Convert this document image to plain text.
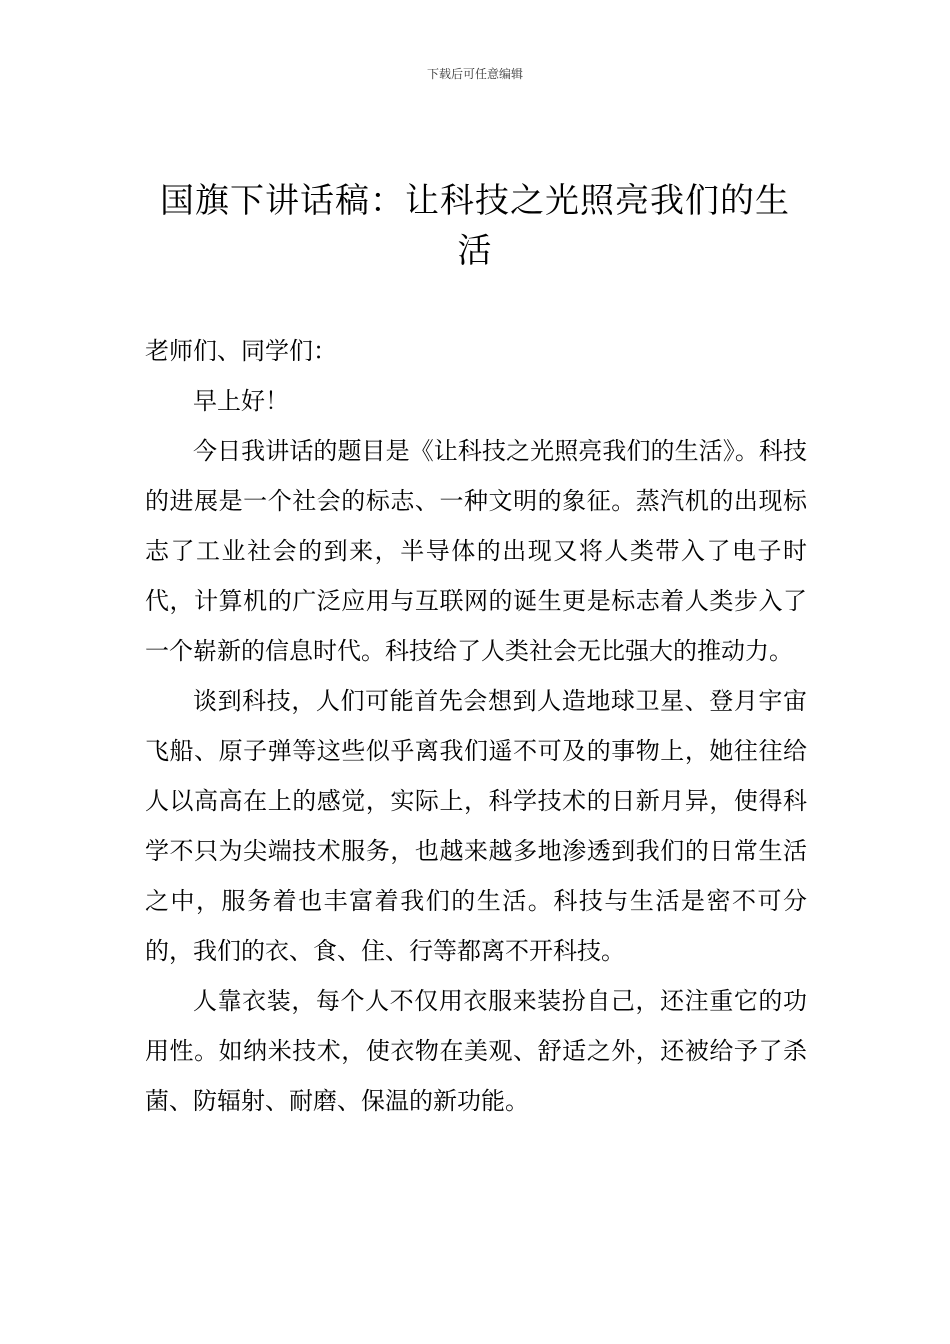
下载后可任意编辑
国旗下讲话稿：让科技之光照亮我们的生活

老师们、同学们：

早上好！

今日我讲话的题目是《让科技之光照亮我们的生活》。科技的进展是一个社会的标志、一种文明的象征。蒸汽机的出现标志了工业社会的到来，半导体的出现又将人类带入了电子时代，计算机的广泛应用与互联网的诞生更是标志着人类步入了一个崭新的信息时代。科技给了人类社会无比强大的推动力。

谈到科技，人们可能首先会想到人造地球卫星、登月宇宙飞船、原子弹等这些似乎离我们遥不可及的事物上，她往往给人以高高在上的感觉，实际上，科学技术的日新月异，使得科学不只为尖端技术服务，也越来越多地渗透到我们的日常生活之中，服务着也丰富着我们的生活。科技与生活是密不可分的，我们的衣、食、住、行等都离不开科技。

人靠衣装，每个人不仅用衣服来装扮自己，还注重它的功用性。如纳米技术，使衣物在美观、舒适之外，还被给予了杀菌、防辐射、耐磨、保温的新功能。
